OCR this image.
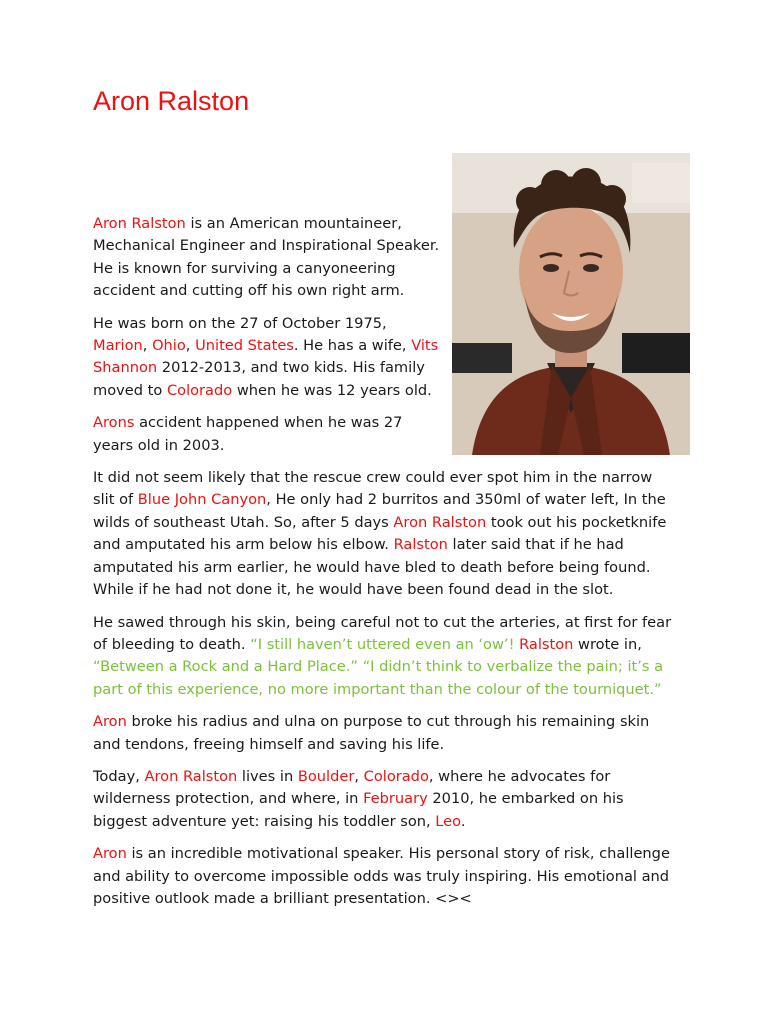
Aron Ralston

Aron Ralston is an American mountaineer, Mechanical Engineer and Inspirational Speaker. He is known for surviving a canyoneering accident and cutting off his own right arm.

He was born on the 27 of October 1975, Marion, Ohio, United States. He has a wife, Vits Shannon 2012-2013, and two kids. His family moved to Colorado when he was 12 years old.

Arons accident happened when he was 27 years old in 2003.

It did not seem likely that the rescue crew could ever spot him in the narrow slit of Blue John Canyon, He only had 2 burritos and 350ml of water left, In the wilds of southeast Utah. So, after 5 days Aron Ralston took out his pocketknife and amputated his arm below his elbow. Ralston later said that if he had amputated his arm earlier, he would have bled to death before being found. While if he had not done it, he would have been found dead in the slot.

He sawed through his skin, being careful not to cut the arteries, at first for fear of bleeding to death. “I still haven’t uttered even an ‘ow’! Ralston wrote in, “Between a Rock and a Hard Place.” “I didn’t think to verbalize the pain; it’s a part of this experience, no more important than the colour of the tourniquet.”

Aron broke his radius and ulna on purpose to cut through his remaining skin and tendons, freeing himself and saving his life.

Today, Aron Ralston lives in Boulder, Colorado, where he advocates for wilderness protection, and where, in February 2010, he embarked on his biggest adventure yet: raising his toddler son, Leo.

Aron is an incredible motivational speaker. His personal story of risk, challenge and ability to overcome impossible odds was truly inspiring. His emotional and positive outlook made a brilliant presentation. <><
